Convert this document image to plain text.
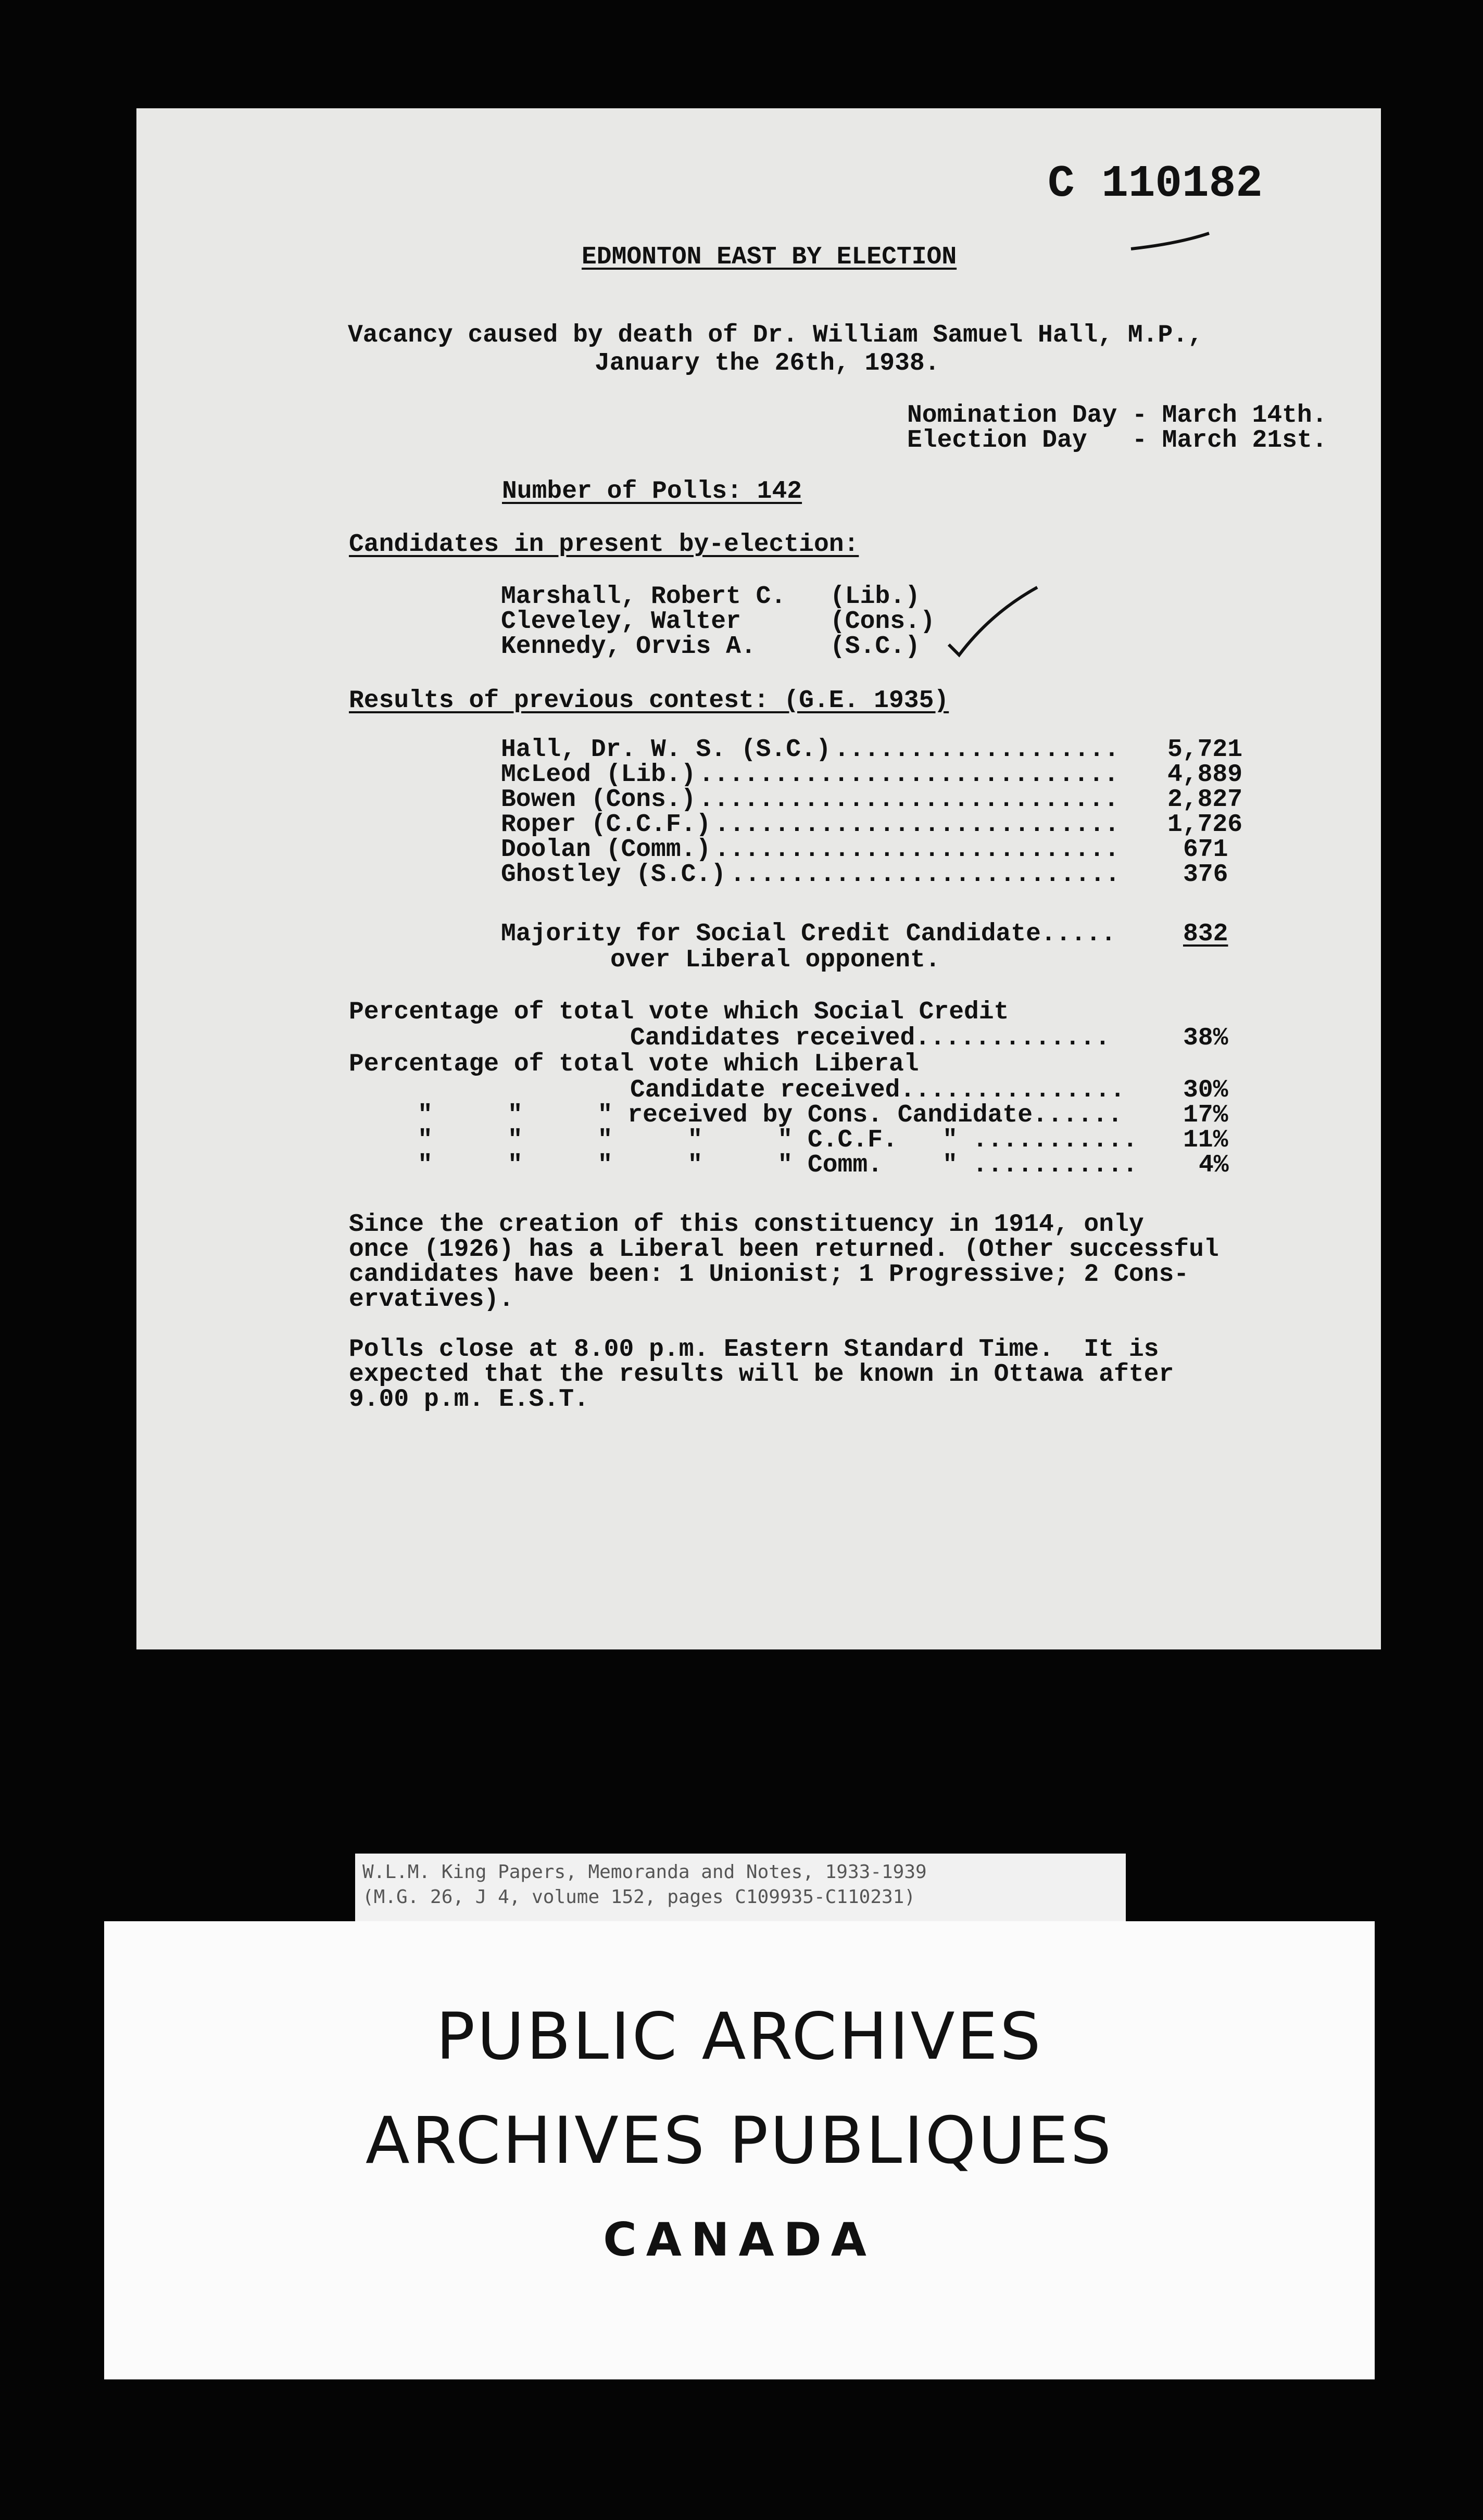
C 110182
EDMONTON EAST BY ELECTION
Vacancy caused by death of Dr. William Samuel Hall, M.P.,
January the 26th, 1938.
Nomination Day - March 14th.
Election Day   - March 21st.
Number of Polls: 142
Candidates in present by-election:
Marshall, Robert C. (Lib.)
Cleveley, Walter	(Cons.)
Kennedy, Orvis A.	(S.C.)
Results of previous contest: (G.E. 1935)
Hall, Dr. W. S. (S.C.) ................... 5,721
McLeod (Lib.) ............................ 4,889
Bowen (Cons.) ............................ 2,827
Roper (C.C.F.) ........................... 1,726
Doolan (Comm.) ...........................	671
Ghostley (S.C.) ..........................	376
Majority for Social Credit Candidate.....	832
over Liberal opponent.
Percentage of total vote which Social Credit
Candidates received.............	38%
Percentage of total vote which Liberal
Candidate received............... 30%
"     "     " received by Cons. Candidate...... 17%
"     "     "     "     " C.C.F.   " ........... 11%
"     "     "     "     " Comm.    " ........... 4%
Since the creation of this constituency in 1914, only
once (1926) has a Liberal been returned. (Other successful
candidates have been: 1 Unionist; 1 Progressive; 2 Cons-
ervatives).
Polls close at 8.00 p.m. Eastern Standard Time.  It is
expected that the results will be known in Ottawa after
9.00 p.m. E.S.T.
W.L.M. King Papers, Memoranda and Notes, 1933-1939
(M.G. 26, J 4, volume 152, pages C109935-C110231)
PUBLIC ARCHIVES
ARCHIVES PUBLIQUES
CANADA
